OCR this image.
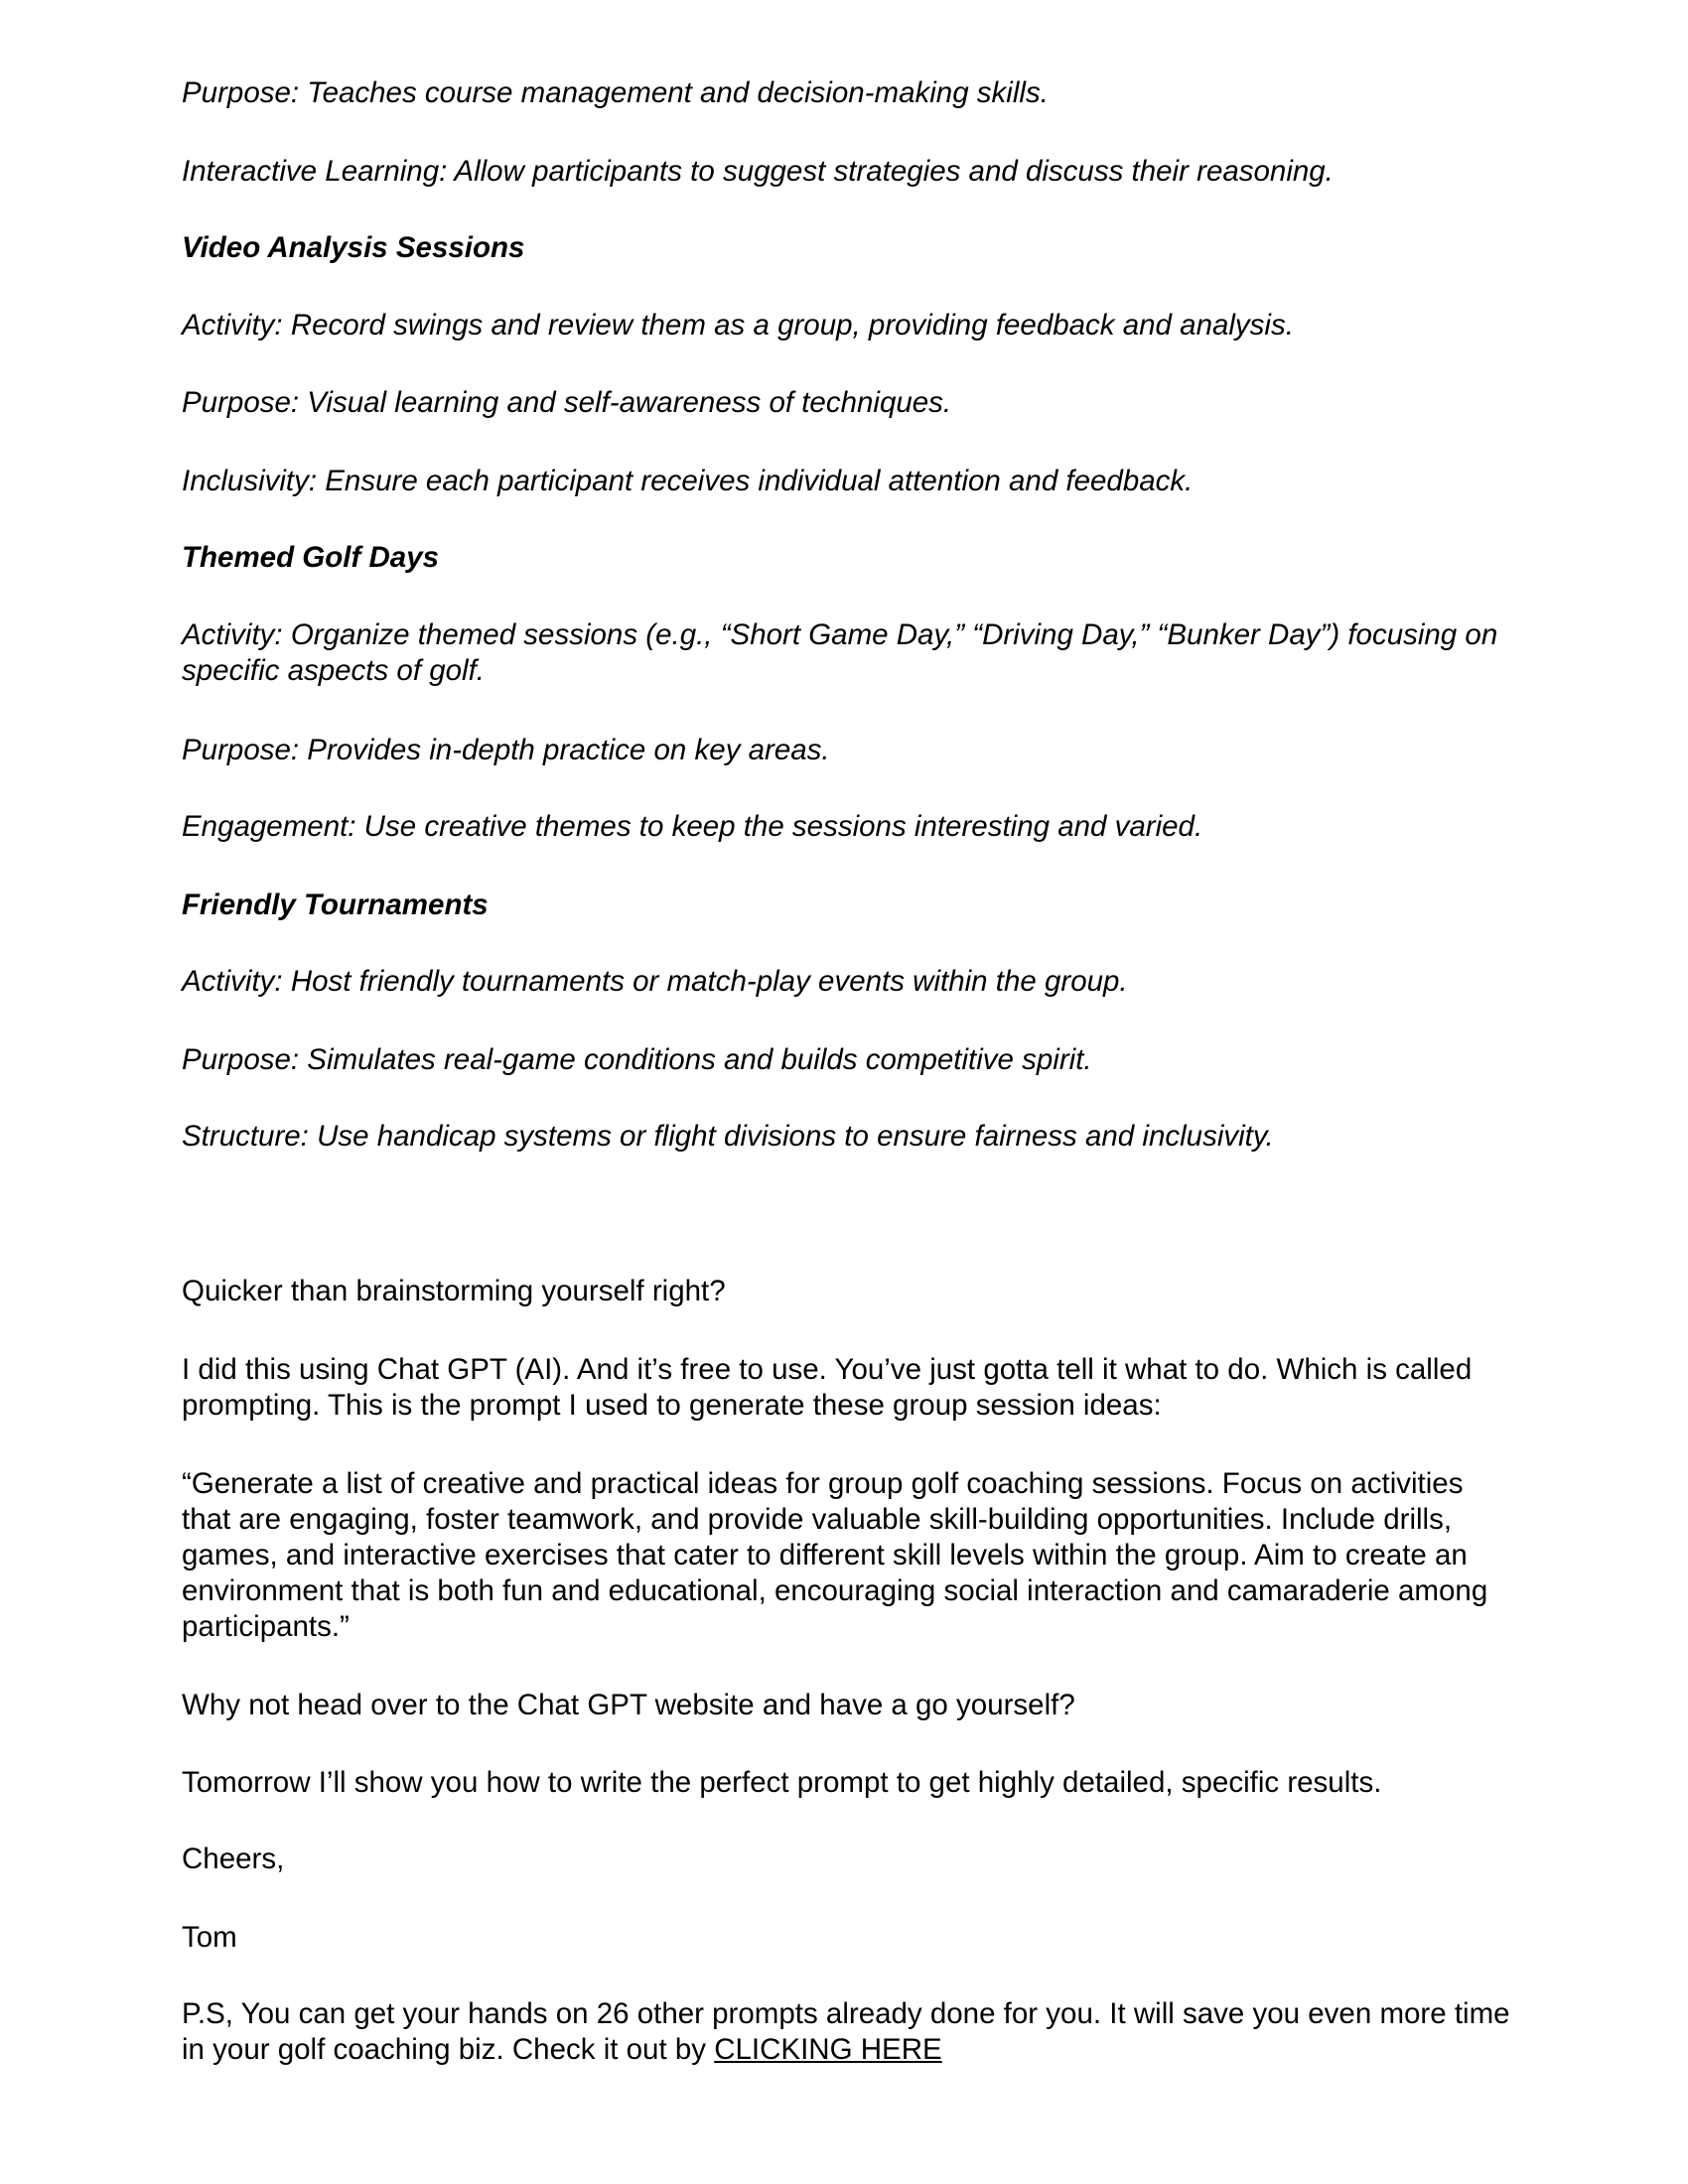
Purpose: Teaches course management and decision-making skills.

Interactive Learning: Allow participants to suggest strategies and discuss their reasoning.

Video Analysis Sessions

Activity: Record swings and review them as a group, providing feedback and analysis.

Purpose: Visual learning and self-awareness of techniques.

Inclusivity: Ensure each participant receives individual attention and feedback.

Themed Golf Days

Activity: Organize themed sessions (e.g., “Short Game Day,” “Driving Day,” “Bunker Day”) focusing on specific aspects of golf.

Purpose: Provides in-depth practice on key areas.

Engagement: Use creative themes to keep the sessions interesting and varied.

Friendly Tournaments

Activity: Host friendly tournaments or match-play events within the group.

Purpose: Simulates real-game conditions and builds competitive spirit.

Structure: Use handicap systems or flight divisions to ensure fairness and inclusivity.

Quicker than brainstorming yourself right?

I did this using Chat GPT (AI). And it’s free to use. You’ve just gotta tell it what to do. Which is called prompting. This is the prompt I used to generate these group session ideas:

“Generate a list of creative and practical ideas for group golf coaching sessions. Focus on activities that are engaging, foster teamwork, and provide valuable skill-building opportunities. Include drills, games, and interactive exercises that cater to different skill levels within the group. Aim to create an environment that is both fun and educational, encouraging social interaction and camaraderie among participants.”

Why not head over to the Chat GPT website and have a go yourself?

Tomorrow I’ll show you how to write the perfect prompt to get highly detailed, specific results.

Cheers,

Tom

P.S, You can get your hands on 26 other prompts already done for you. It will save you even more time in your golf coaching biz. Check it out by CLICKING HERE
